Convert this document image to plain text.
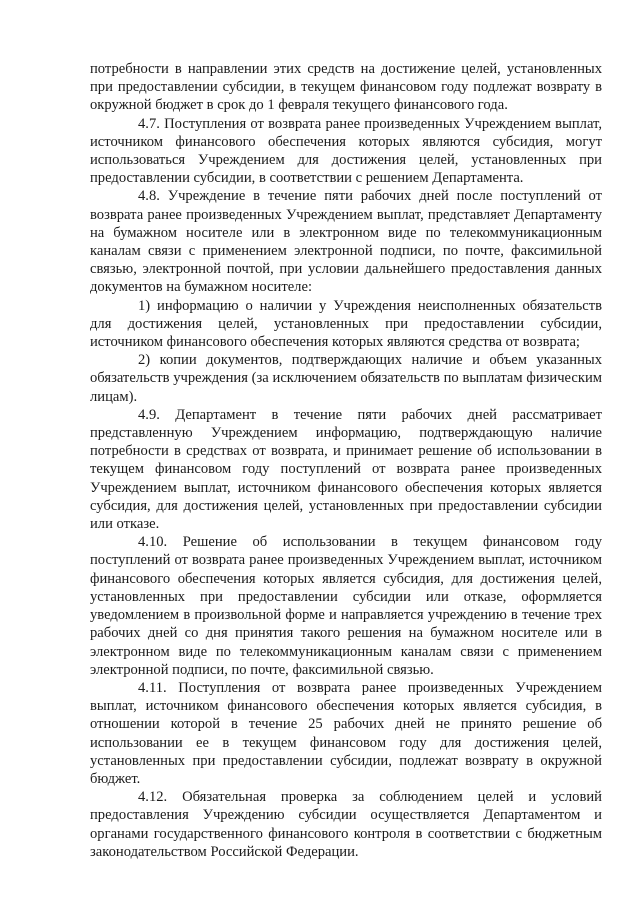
потребности в направлении этих средств на достижение целей, установленных при предоставлении субсидии, в текущем финансовом году подлежат возврату в окружной бюджет в срок до 1 февраля текущего финансового года.

4.7. Поступления от возврата ранее произведенных Учреждением выплат, источником финансового обеспечения которых являются субсидия, могут использоваться Учреждением для достижения целей, установленных при предоставлении субсидии, в соответствии с решением Департамента.

4.8. Учреждение в течение пяти рабочих дней после поступлений от возврата ранее произведенных Учреждением выплат, представляет Департаменту на бумажном носителе или в электронном виде по телекоммуникационным каналам связи с применением электронной подписи, по почте, факсимильной связью, электронной почтой, при условии дальнейшего предоставления данных документов на бумажном носителе:

1) информацию о наличии у Учреждения неисполненных обязательств для достижения целей, установленных при предоставлении субсидии, источником финансового обеспечения которых являются средства от возврата;

2) копии документов, подтверждающих наличие и объем указанных обязательств учреждения (за исключением обязательств по выплатам физическим лицам).

4.9. Департамент в течение пяти рабочих дней рассматривает представленную Учреждением информацию, подтверждающую наличие потребности в средствах от возврата, и принимает решение об использовании в текущем финансовом году поступлений от возврата ранее произведенных Учреждением выплат, источником финансового обеспечения которых является субсидия, для достижения целей, установленных при предоставлении субсидии или отказе.

4.10. Решение об использовании в текущем финансовом году поступлений от возврата ранее произведенных Учреждением выплат, источником финансового обеспечения которых является субсидия, для достижения целей, установленных при предоставлении субсидии или отказе, оформляется уведомлением в произвольной форме и направляется учреждению в течение трех рабочих дней со дня принятия такого решения на бумажном носителе или в электронном виде по телекоммуникационным каналам связи с применением электронной подписи, по почте, факсимильной связью.

4.11. Поступления от возврата ранее произведенных Учреждением выплат, источником финансового обеспечения которых является субсидия, в отношении которой в течение 25 рабочих дней не принято решение об использовании ее в текущем финансовом году для достижения целей, установленных при предоставлении субсидии, подлежат возврату в окружной бюджет.

4.12. Обязательная проверка за соблюдением целей и условий предоставления Учреждению субсидии осуществляется Департаментом и органами государственного финансового контроля в соответствии с бюджетным законодательством Российской Федерации.
